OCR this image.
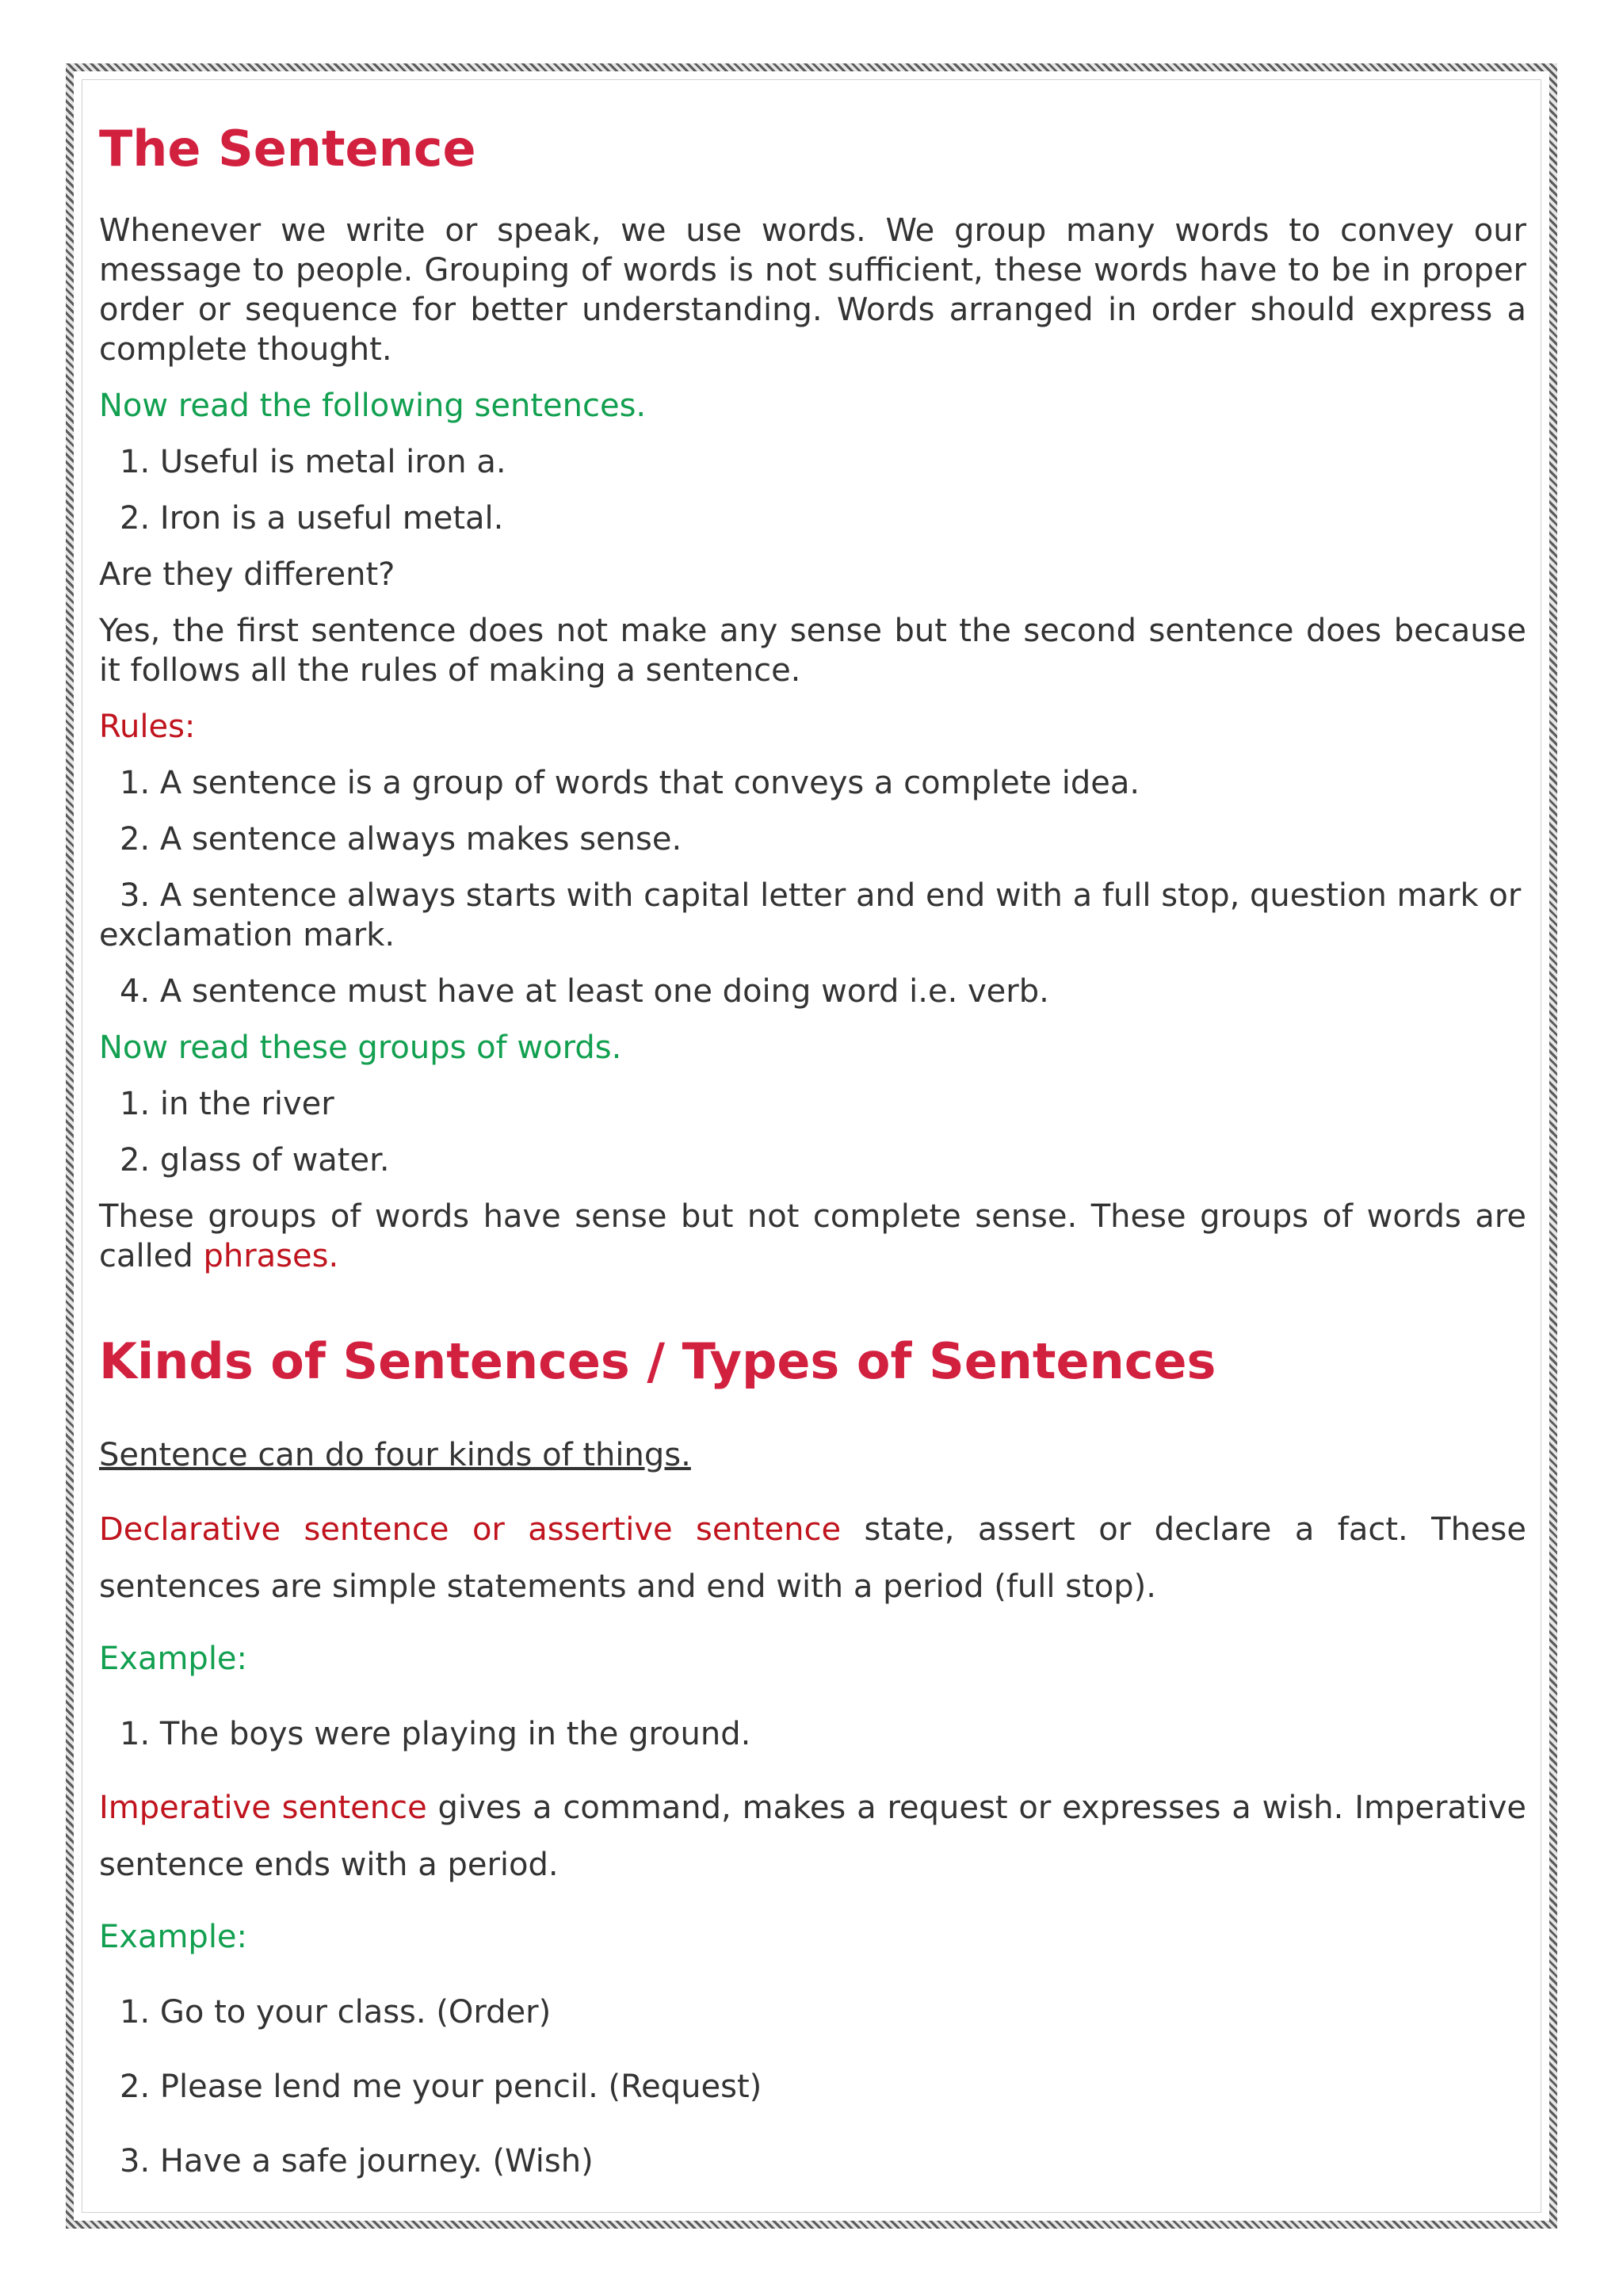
The Sentence

Whenever we write or speak, we use words. We group many words to convey our message to people. Grouping of words is not sufficient, these words have to be in proper order or sequence for better understanding. Words arranged in order should express a complete thought.

Now read the following sentences.

1. Useful is metal iron a.
2. Iron is a useful metal.

Are they different?

Yes, the first sentence does not make any sense but the second sentence does because it follows all the rules of making a sentence.

Rules:

1. A sentence is a group of words that conveys a complete idea.
2. A sentence always makes sense.
3. A sentence always starts with capital letter and end with a full stop, question mark or exclamation mark.
4. A sentence must have at least one doing word i.e. verb.

Now read these groups of words.

1. in the river
2. glass of water.

These groups of words have sense but not complete sense. These groups of words are called phrases.

Kinds of Sentences / Types of Sentences

Sentence can do four kinds of things.

Declarative sentence or assertive sentence state, assert or declare a fact. These sentences are simple statements and end with a period (full stop).

Example:

1. The boys were playing in the ground.

Imperative sentence gives a command, makes a request or expresses a wish. Imperative sentence ends with a period.

Example:

1. Go to your class. (Order)
2. Please lend me your pencil. (Request)
3. Have a safe journey. (Wish)
